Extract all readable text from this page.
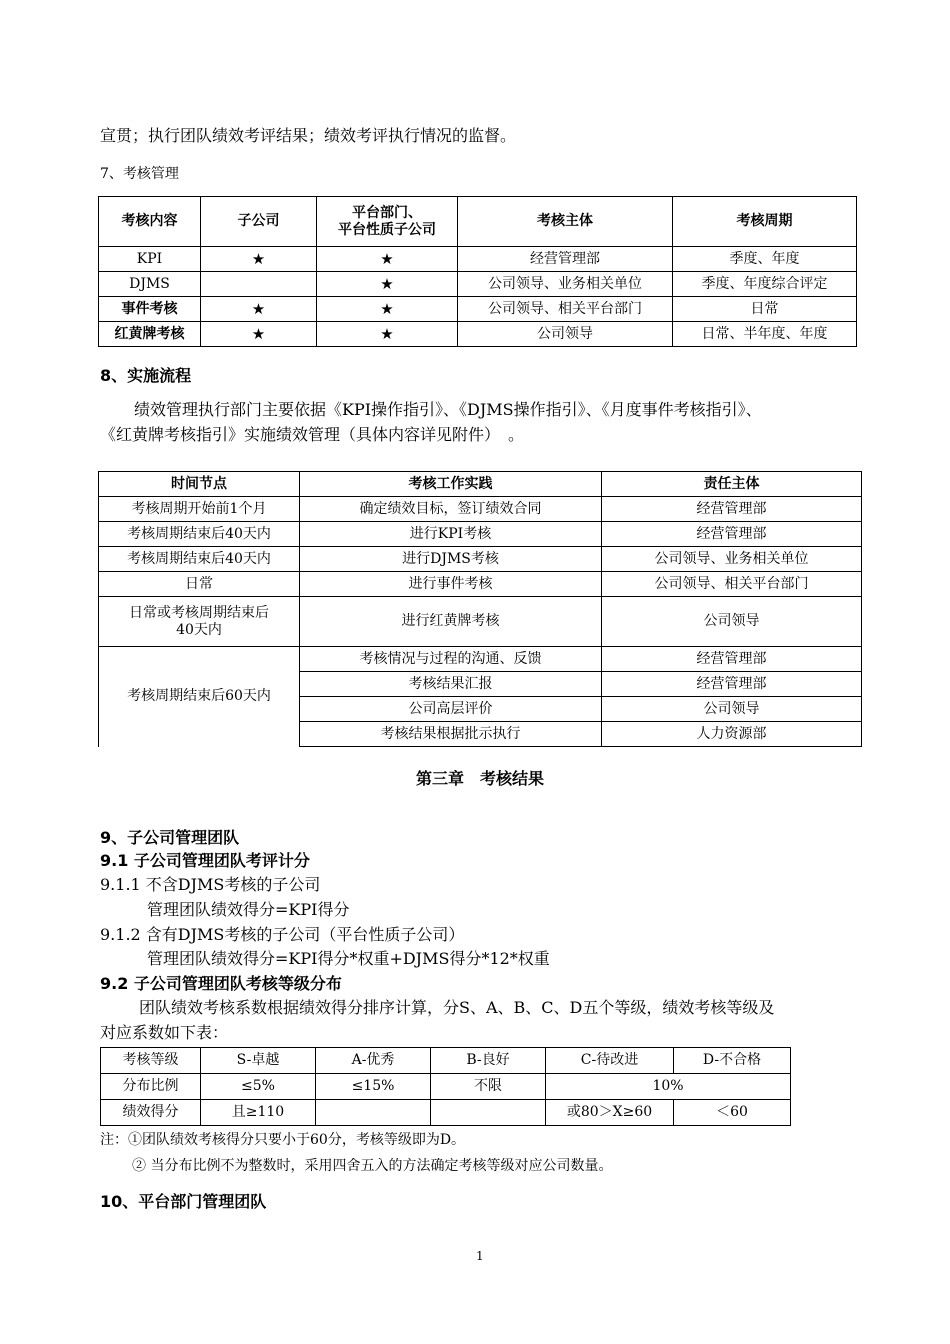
宣贯；执行团队绩效考评结果；绩效考评执行情况的监督。
7、考核管理
考核内容	子公司	平台部门、
平台性质子公司	考核主体	考核周期
KPI	★	★	经营管理部	季度、年度
DJMS		★	公司领导、业务相关单位	季度、年度综合评定
事件考核	★	★	公司领导、相关平台部门	日常
红黄牌考核	★	★	公司领导	日常、半年度、年度
8、实施流程
绩效管理执行部门主要依据《KPI操作指引》、《DJMS操作指引》、《月度事件考核指引》、
《红黄牌考核指引》实施绩效管理（具体内容详见附件）　。
时间节点	考核工作实践	责任主体
考核周期开始前1个月	确定绩效目标，签订绩效合同	经营管理部
考核周期结束后40天内	进行KPI考核	经营管理部
考核周期结束后40天内	进行DJMS考核	公司领导、业务相关单位
日常	进行事件考核	公司领导、相关平台部门
日常或考核周期结束后
40天内	进行红黄牌考核	公司领导
考核周期结束后60天内	考核情况与过程的沟通、反馈	经营管理部
	考核结果汇报	经营管理部
	公司高层评价	公司领导
	考核结果根据批示执行	人力资源部
第三章　考核结果
9、子公司管理团队
9.1 子公司管理团队考评计分
9.1.1 不含DJMS考核的子公司
管理团队绩效得分=KPI得分
9.1.2 含有DJMS考核的子公司（平台性质子公司）
管理团队绩效得分=KPI得分*权重+DJMS得分*12*权重
9.2 子公司管理团队考核等级分布
团队绩效考核系数根据绩效得分排序计算，分S、A、B、C、D五个等级，绩效考核等级及
对应系数如下表：
考核等级	S-卓越	A-优秀	B-良好	C-待改进	D-不合格
分布比例	≤5%	≤15%	不限	10%	
绩效得分	且≥110			或80＞X≥60	＜60
注：①团队绩效考核得分只要小于60分，考核等级即为D。
② 当分布比例不为整数时，采用四舍五入的方法确定考核等级对应公司数量。
10、平台部门管理团队
1
